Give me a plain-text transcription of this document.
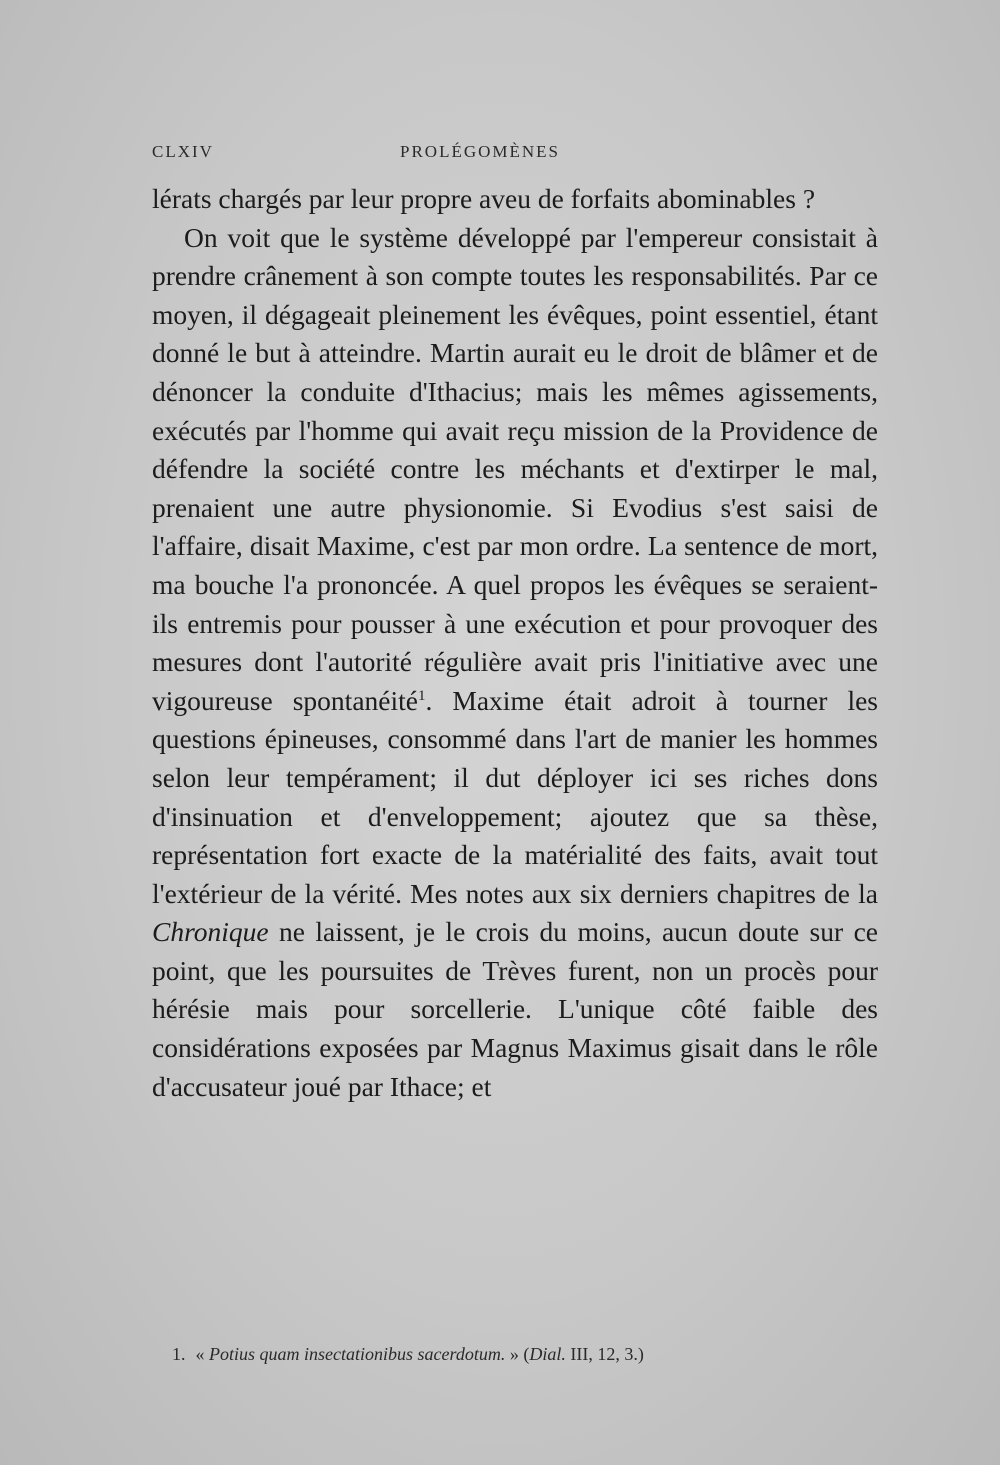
CLXIV	PROLÉGOMÈNES

lérats chargés par leur propre aveu de forfaits abominables ?

On voit que le système développé par l'empereur consistait à prendre crânement à son compte toutes les responsabilités. Par ce moyen, il dégageait pleinement les évêques, point essentiel, étant donné le but à atteindre. Martin aurait eu le droit de blâmer et de dénoncer la conduite d'Ithacius; mais les mêmes agissements, exécutés par l'homme qui avait reçu mission de la Providence de défendre la société contre les méchants et d'extirper le mal, prenaient une autre physionomie. Si Evodius s'est saisi de l'affaire, disait Maxime, c'est par mon ordre. La sentence de mort, ma bouche l'a prononcée. A quel propos les évêques se seraient-ils entremis pour pousser à une exécution et pour provoquer des mesures dont l'autorité régulière avait pris l'initiative avec une vigoureuse spontanéité$^1$. Maxime était adroit à tourner les questions épineuses, consommé dans l'art de manier les hommes selon leur tempérament; il dut déployer ici ses riches dons d'insinuation et d'enveloppement; ajoutez que sa thèse, représentation fort exacte de la matérialité des faits, avait tout l'extérieur de la vérité. Mes notes aux six derniers chapitres de la Chronique ne laissent, je le crois du moins, aucun doute sur ce point, que les poursuites de Trèves furent, non un procès pour hérésie mais pour sorcellerie. L'unique côté faible des considérations exposées par Magnus Maximus gisait dans le rôle d'accusateur joué par Ithace; et

1. « Potius quam insectationibus sacerdotum. » (Dial. III, 12, 3.)
